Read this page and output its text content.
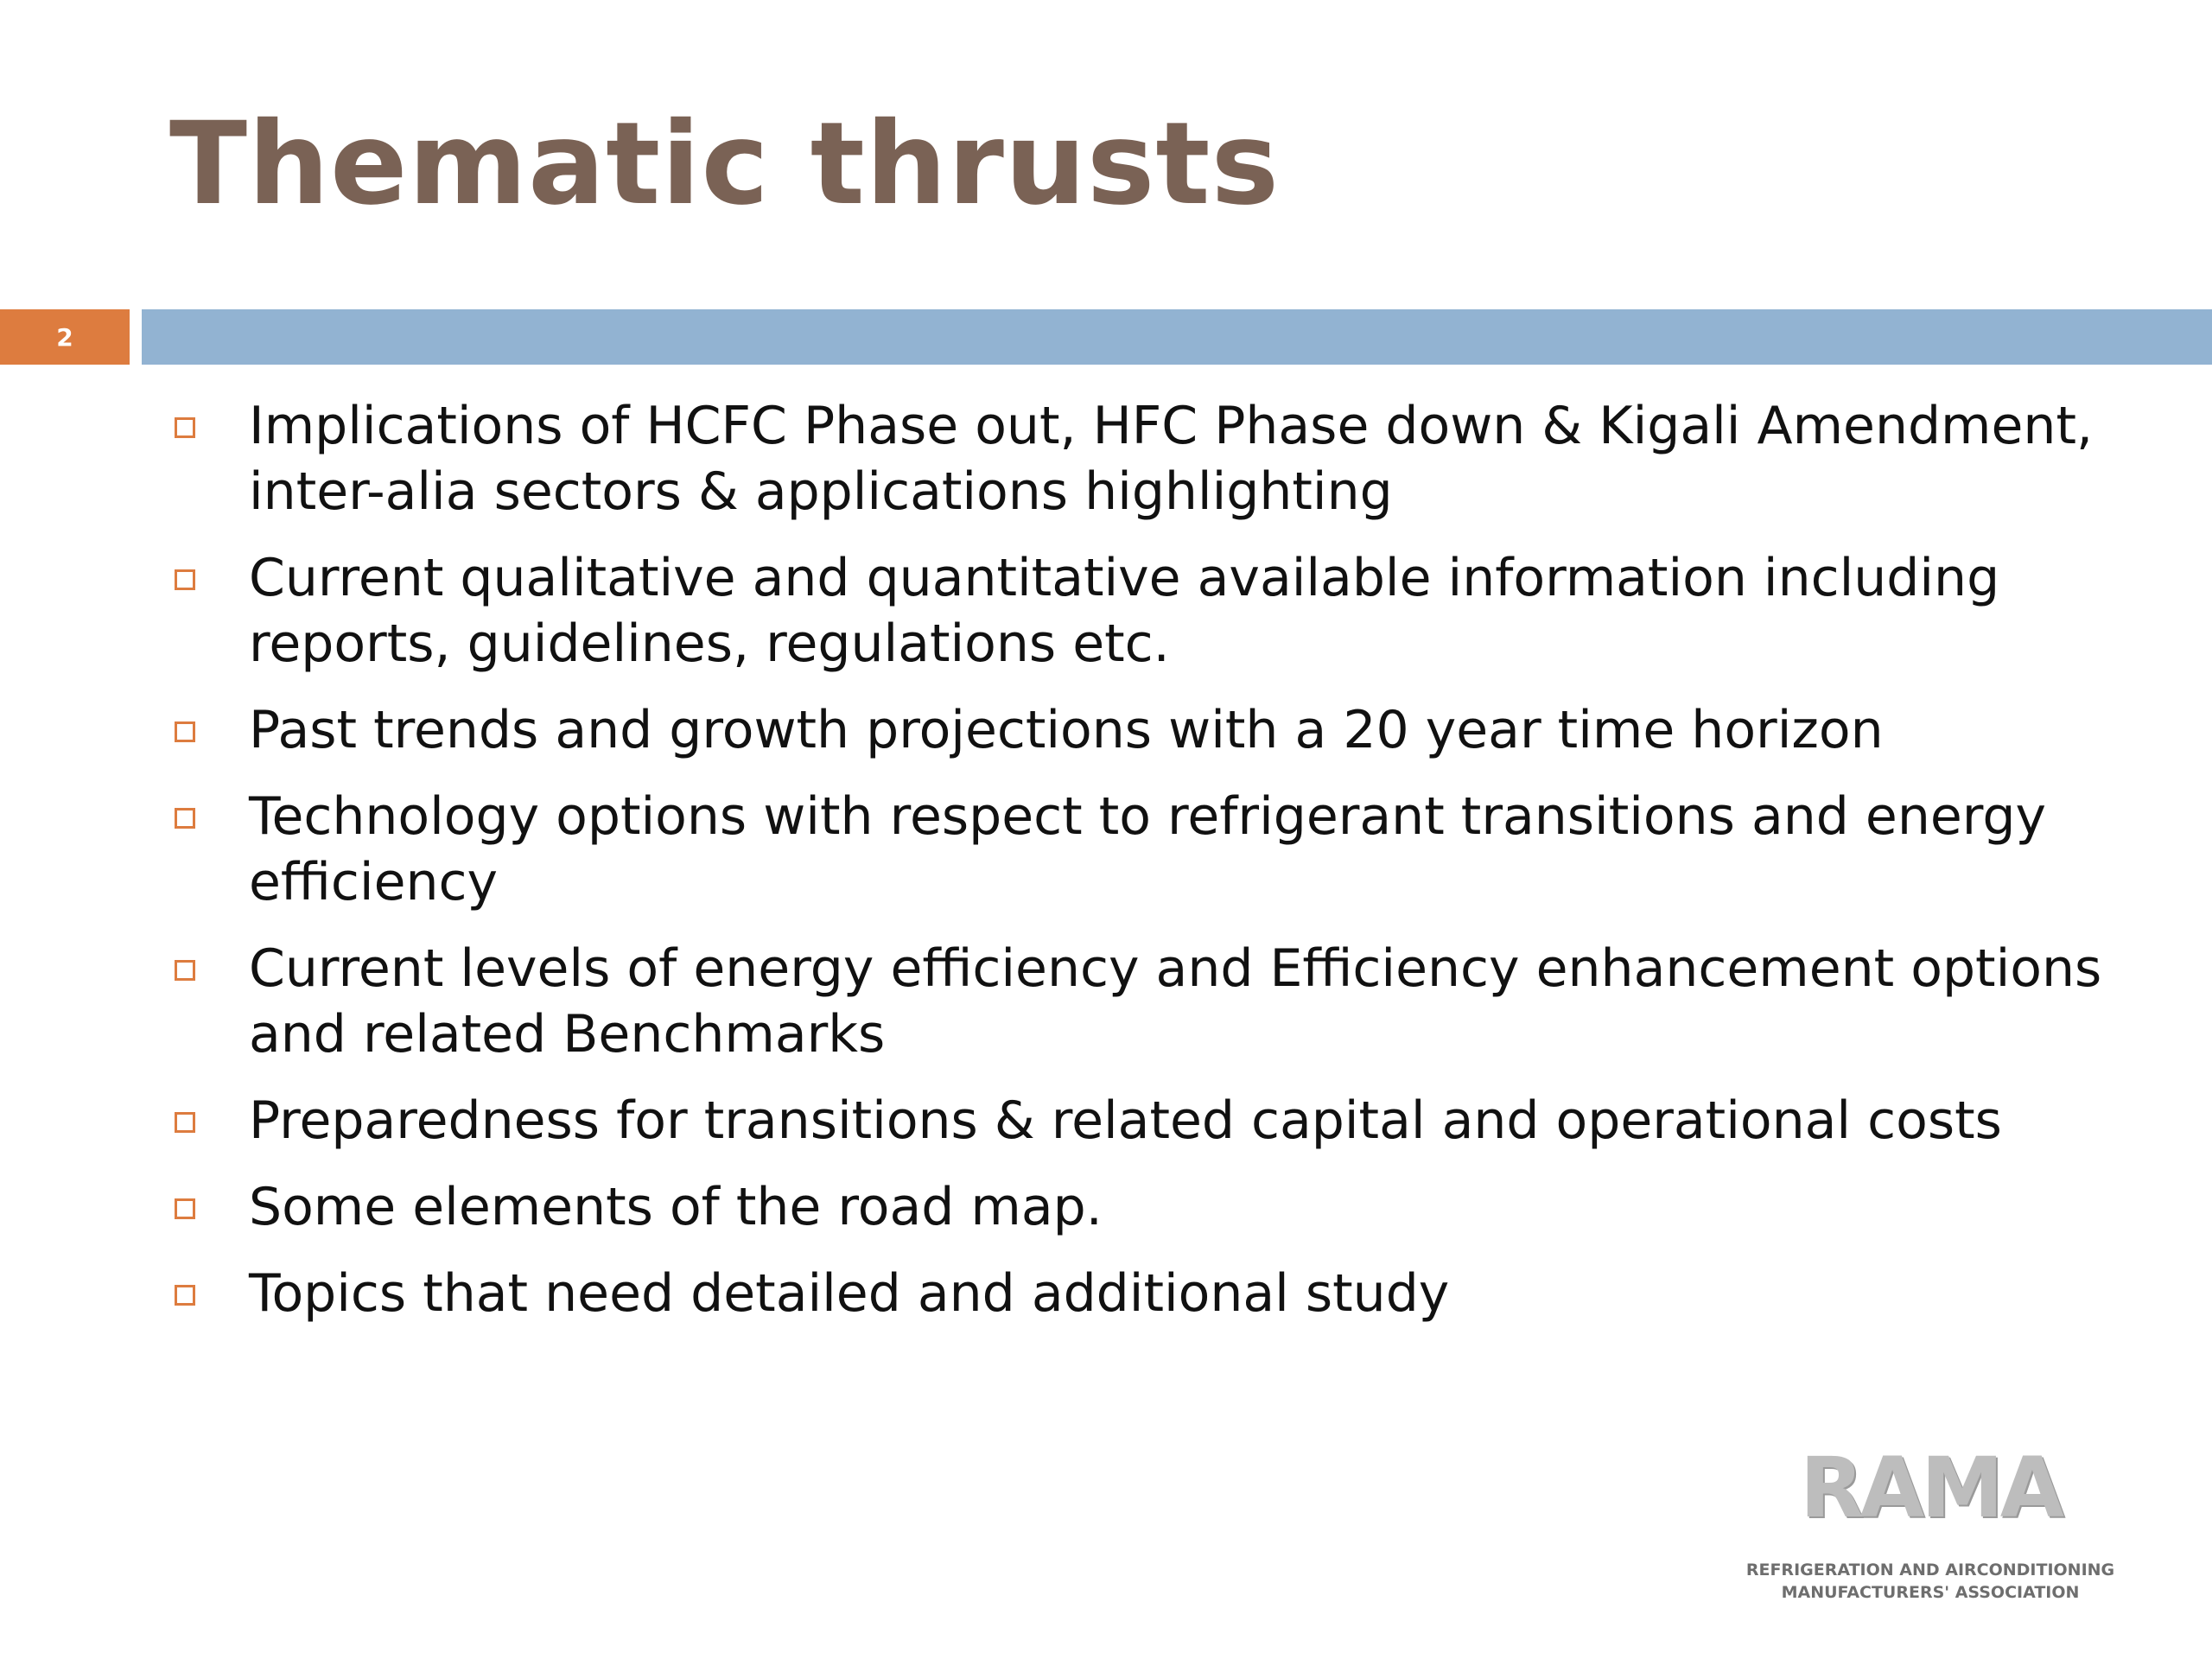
Thematic thrusts
2
Implications of HCFC Phase out, HFC Phase down & Kigali Amendment, inter-alia sectors & applications highlighting
Current qualitative and quantitative available information including reports, guidelines, regulations etc.
Past trends and growth projections with a 20 year time horizon
Technology options with respect to refrigerant transitions and energy efficiency
Current levels of energy efficiency and Efficiency enhancement options and related Benchmarks
Preparedness for transitions & related capital and operational costs
Some elements of the road map.
Topics that need detailed and additional study
RAMA
REFRIGERATION AND AIRCONDITIONING
MANUFACTURERS' ASSOCIATION
